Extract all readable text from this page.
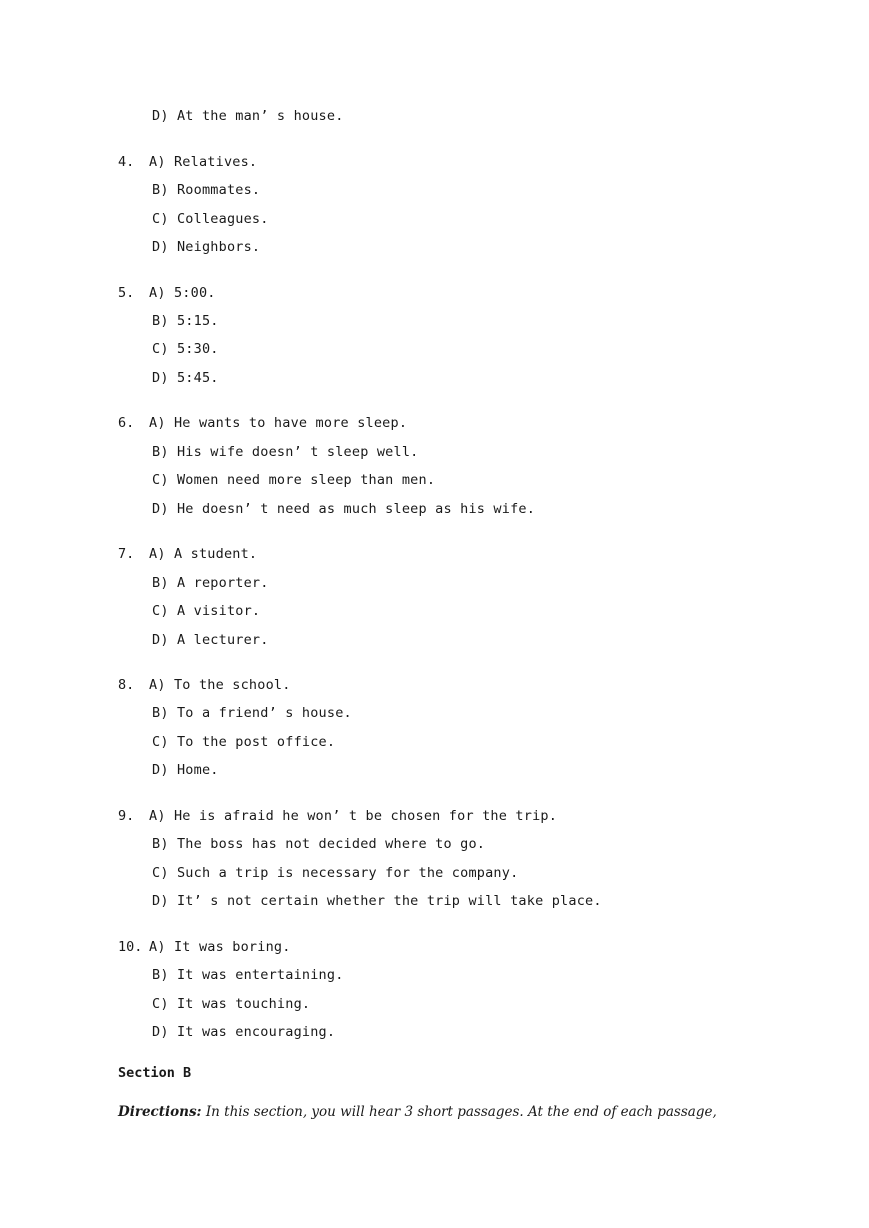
D) At the man’ s house.
4. A) Relatives.
B) Roommates.
C) Colleagues.
D) Neighbors.
5. A) 5:00.
B) 5:15.
C) 5:30.
D) 5:45.
6. A) He wants to have more sleep.
B) His wife doesn’ t sleep well.
C) Women need more sleep than men.
D) He doesn’ t need as much sleep as his wife.
7. A) A student.
B) A reporter.
C) A visitor.
D) A lecturer.
8. A) To the school.
B) To a friend’ s house.
C) To the post office.
D) Home.
9. A) He is afraid he won’ t be chosen for the trip.
B) The boss has not decided where to go.
C) Such a trip is necessary for the company.
D) It’ s not certain whether the trip will take place.
10. A) It was boring.
B) It was entertaining.
C) It was touching.
D) It was encouraging.
Section B
Directions: In this section, you will hear 3 short passages. At the end of each passage,
